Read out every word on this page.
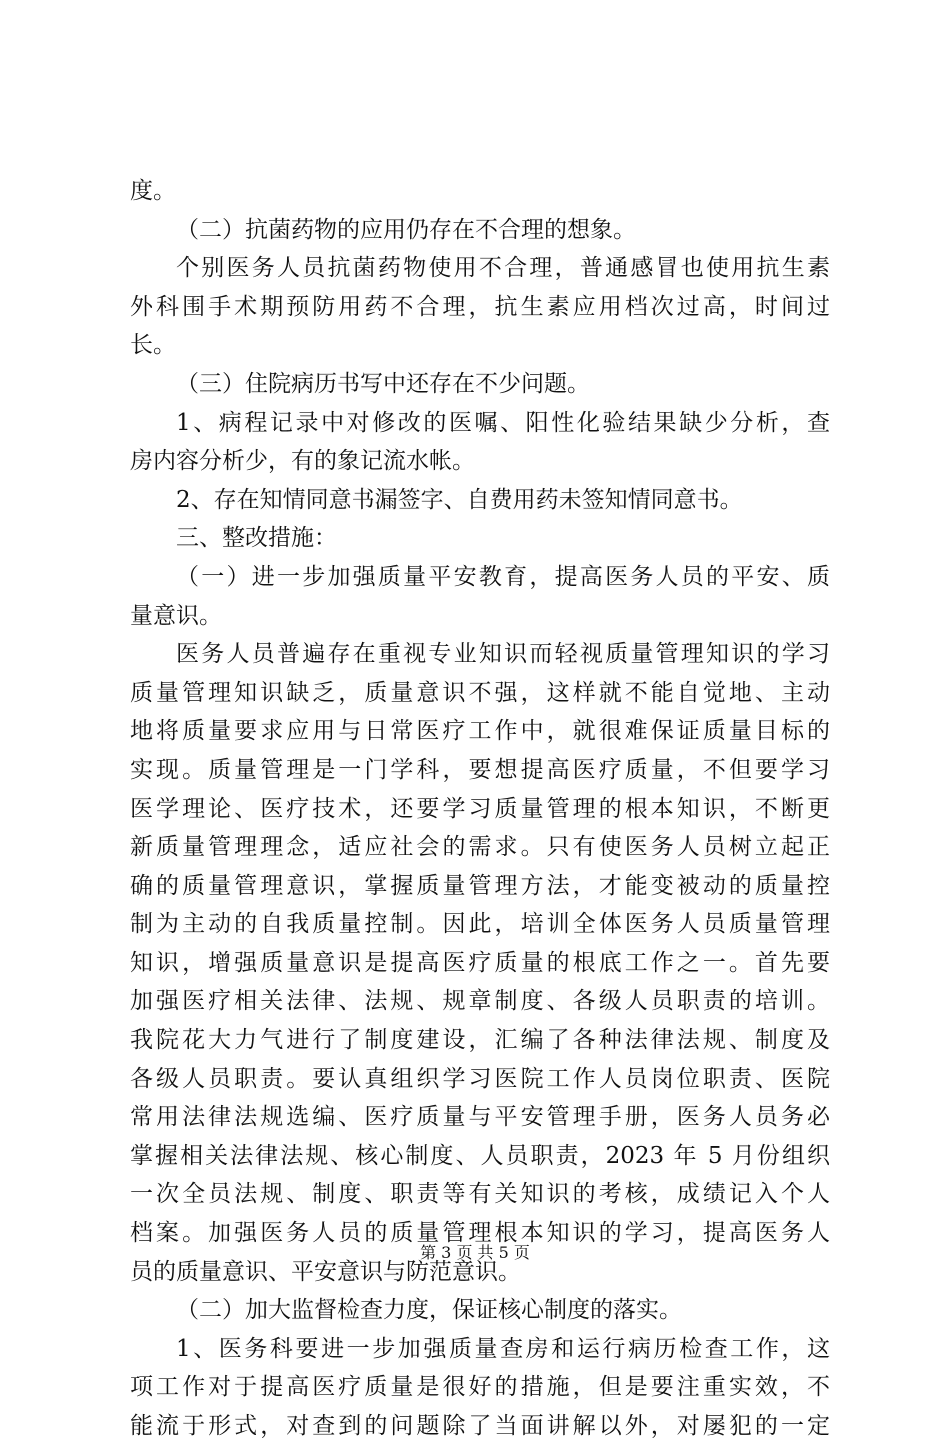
度。
（二）抗菌药物的应用仍存在不合理的想象。
个别医务人员抗菌药物使用不合理，普通感冒也使用抗生素
外科围手术期预防用药不合理，抗生素应用档次过高，时间过
长。
（三）住院病历书写中还存在不少问题。
1、病程记录中对修改的医嘱、阳性化验结果缺少分析，查
房内容分析少，有的象记流水帐。
2、存在知情同意书漏签字、自费用药未签知情同意书。
三、整改措施：
（一）进一步加强质量平安教育，提高医务人员的平安、质
量意识。
医务人员普遍存在重视专业知识而轻视质量管理知识的学习
质量管理知识缺乏，质量意识不强，这样就不能自觉地、主动
地将质量要求应用与日常医疗工作中，就很难保证质量目标的
实现。质量管理是一门学科，要想提高医疗质量，不但要学习
医学理论、医疗技术，还要学习质量管理的根本知识，不断更
新质量管理理念，适应社会的需求。只有使医务人员树立起正
确的质量管理意识，掌握质量管理方法，才能变被动的质量控
制为主动的自我质量控制。因此，培训全体医务人员质量管理
知识，增强质量意识是提高医疗质量的根底工作之一。首先要
加强医疗相关法律、法规、规章制度、各级人员职责的培训。
我院花大力气进行了制度建设，汇编了各种法律法规、制度及
各级人员职责。要认真组织学习医院工作人员岗位职责、医院
常用法律法规选编、医疗质量与平安管理手册，医务人员务必
掌握相关法律法规、核心制度、人员职责，2023 年 5 月份组织
一次全员法规、制度、职责等有关知识的考核，成绩记入个人
档案。加强医务人员的质量管理根本知识的学习，提高医务人
员的质量意识、平安意识与防范意识。
（二）加大监督检查力度，保证核心制度的落实。
1、医务科要进一步加强质量查房和运行病历检查工作，这
项工作对于提高医疗质量是很好的措施，但是要注重实效，不
能流于形式，对查到的问题除了当面讲解以外，对屡犯的一定
第 3 页 共 5 页
